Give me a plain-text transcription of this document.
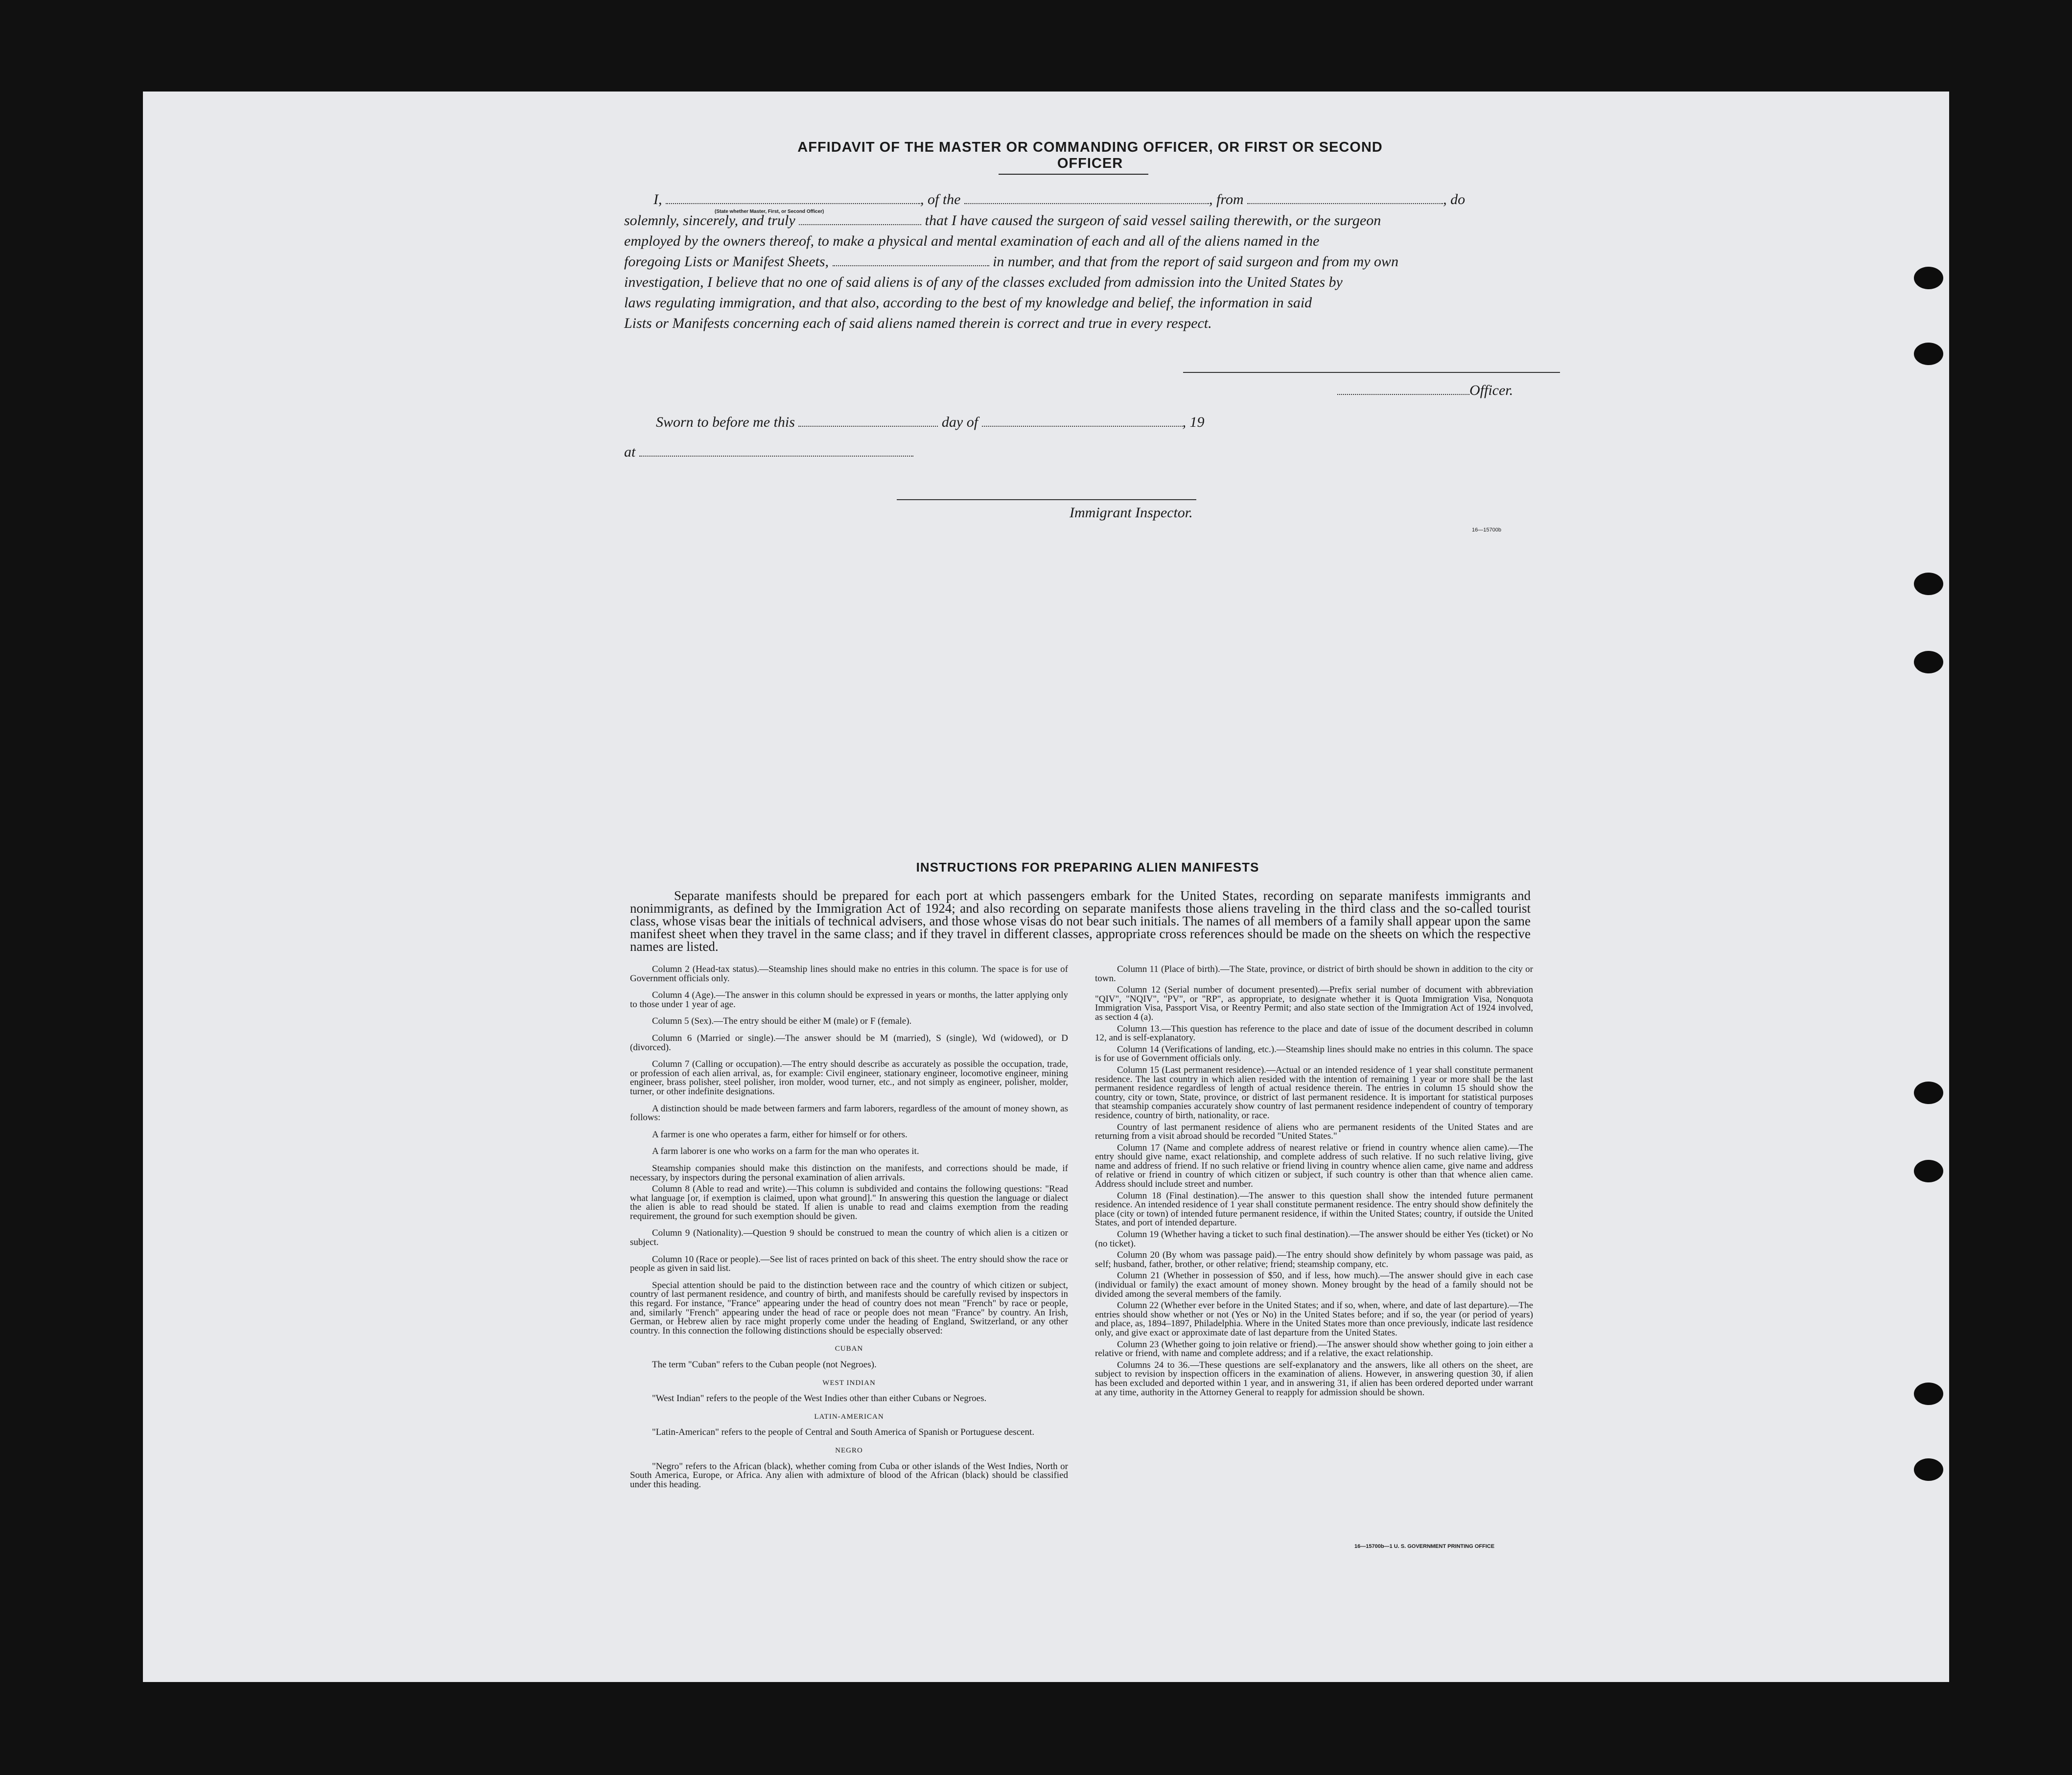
AFFIDAVIT OF THE MASTER OR COMMANDING OFFICER, OR FIRST OR SECOND OFFICER
I,	, of the	, from	, do
(State whether Master, First, or Second Officer)
solemnly, sincerely, and truly	that I have caused the surgeon of said vessel sailing therewith, or the surgeon
employed by the owners thereof, to make a physical and mental examination of each and all of the aliens named in the
foregoing Lists or Manifest Sheets,	in number, and that from the report of said surgeon and from my own
investigation, I believe that no one of said aliens is of any of the classes excluded from admission into the United States by
laws regulating immigration, and that also, according to the best of my knowledge and belief, the information in said
Lists or Manifests concerning each of said aliens named therein is correct and true in every respect.
Officer.
Sworn to before me this	day of	, 19
at
Immigrant Inspector.
16—15700b
INSTRUCTIONS FOR PREPARING ALIEN MANIFESTS
Separate manifests should be prepared for each port at which passengers embark for the United States, recording on separate manifests immigrants and nonimmigrants, as defined by the Immigration Act of 1924; and also recording on separate manifests those aliens traveling in the third class and the so-called tourist class, whose visas bear the initials of technical advisers, and those whose visas do not bear such initials. The names of all members of a family shall appear upon the same manifest sheet when they travel in the same class; and if they travel in different classes, appropriate cross references should be made on the sheets on which the respective names are listed.

Column 2 (Head-tax status).—Steamship lines should make no entries in this column. The space is for use of Government officials only.

Column 4 (Age).—The answer in this column should be expressed in years or months, the latter applying only to those under 1 year of age.

Column 5 (Sex).—The entry should be either M (male) or F (female).

Column 6 (Married or single).—The answer should be M (married), S (single), Wd (widowed), or D (divorced).

Column 7 (Calling or occupation).—The entry should describe as accurately as possible the occupation, trade, or profession of each alien arrival, as, for example: Civil engineer, stationary engineer, locomotive engineer, mining engineer, brass polisher, steel polisher, iron molder, wood turner, etc., and not simply as engineer, polisher, molder, turner, or other indefinite designations.

A distinction should be made between farmers and farm laborers, regardless of the amount of money shown, as follows:

A farmer is one who operates a farm, either for himself or for others.

A farm laborer is one who works on a farm for the man who operates it.

Steamship companies should make this distinction on the manifests, and corrections should be made, if necessary, by inspectors during the personal examination of alien arrivals.

Column 8 (Able to read and write).—This column is subdivided and contains the following questions: "Read what language [or, if exemption is claimed, upon what ground]." In answering this question the language or dialect the alien is able to read should be stated. If alien is unable to read and claims exemption from the reading requirement, the ground for such exemption should be given.

Column 9 (Nationality).—Question 9 should be construed to mean the country of which alien is a citizen or subject.

Column 10 (Race or people).—See list of races printed on back of this sheet. The entry should show the race or people as given in said list.

Special attention should be paid to the distinction between race and the country of which citizen or subject, country of last permanent residence, and country of birth, and manifests should be carefully revised by inspectors in this regard. For instance, "France" appearing under the head of country does not mean "French" by race or people, and, similarly "French" appearing under the head of race or people does not mean "France" by country. An Irish, German, or Hebrew alien by race might properly come under the heading of England, Switzerland, or any other country. In this connection the following distinctions should be especially observed:

CUBAN

The term "Cuban" refers to the Cuban people (not Negroes).

WEST INDIAN

"West Indian" refers to the people of the West Indies other than either Cubans or Negroes.

LATIN-AMERICAN

"Latin-American" refers to the people of Central and South America of Spanish or Portuguese descent.

NEGRO

"Negro" refers to the African (black), whether coming from Cuba or other islands of the West Indies, North or South America, Europe, or Africa. Any alien with admixture of blood of the African (black) should be classified under this heading.

Column 11 (Place of birth).—The State, province, or district of birth should be shown in addition to the city or town.

Column 12 (Serial number of document presented).—Prefix serial number of document with abbreviation "QIV", "NQIV", "PV", or "RP", as appropriate, to designate whether it is Quota Immigration Visa, Nonquota Immigration Visa, Passport Visa, or Reentry Permit; and also state section of the Immigration Act of 1924 involved, as section 4 (a).

Column 13.—This question has reference to the place and date of issue of the document described in column 12, and is self-explanatory.

Column 14 (Verifications of landing, etc.).—Steamship lines should make no entries in this column. The space is for use of Government officials only.

Column 15 (Last permanent residence).—Actual or an intended residence of 1 year shall constitute permanent residence. The last country in which alien resided with the intention of remaining 1 year or more shall be the last permanent residence regardless of length of actual residence therein. The entries in column 15 should show the country, city or town, State, province, or district of last permanent residence. It is important for statistical purposes that steamship companies accurately show country of last permanent residence independent of country of temporary residence, country of birth, nationality, or race.

Country of last permanent residence of aliens who are permanent residents of the United States and are returning from a visit abroad should be recorded "United States."

Column 17 (Name and complete address of nearest relative or friend in country whence alien came).—The entry should give name, exact relationship, and complete address of such relative. If no such relative living, give name and address of friend. If no such relative or friend living in country whence alien came, give name and address of relative or friend in country of which citizen or subject, if such country is other than that whence alien came. Address should include street and number.

Column 18 (Final destination).—The answer to this question shall show the intended future permanent residence. An intended residence of 1 year shall constitute permanent residence. The entry should show definitely the place (city or town) of intended future permanent residence, if within the United States; country, if outside the United States, and port of intended departure.

Column 19 (Whether having a ticket to such final destination).—The answer should be either Yes (ticket) or No (no ticket).

Column 20 (By whom was passage paid).—The entry should show definitely by whom passage was paid, as self; husband, father, brother, or other relative; friend; steamship company, etc.

Column 21 (Whether in possession of $50, and if less, how much).—The answer should give in each case (individual or family) the exact amount of money shown. Money brought by the head of a family should not be divided among the several members of the family.

Column 22 (Whether ever before in the United States; and if so, when, where, and date of last departure).—The entries should show whether or not (Yes or No) in the United States before; and if so, the year (or period of years) and place, as, 1894–1897, Philadelphia. Where in the United States more than once previously, indicate last residence only, and give exact or approximate date of last departure from the United States.

Column 23 (Whether going to join relative or friend).—The answer should show whether going to join either a relative or friend, with name and complete address; and if a relative, the exact relationship.

Columns 24 to 36.—These questions are self-explanatory and the answers, like all others on the sheet, are subject to revision by inspection officers in the examination of aliens. However, in answering question 30, if alien has been excluded and deported within 1 year, and in answering 31, if alien has been ordered deported under warrant at any time, authority in the Attorney General to reapply for admission should be shown.

16—15700b—1 U. S. GOVERNMENT PRINTING OFFICE
